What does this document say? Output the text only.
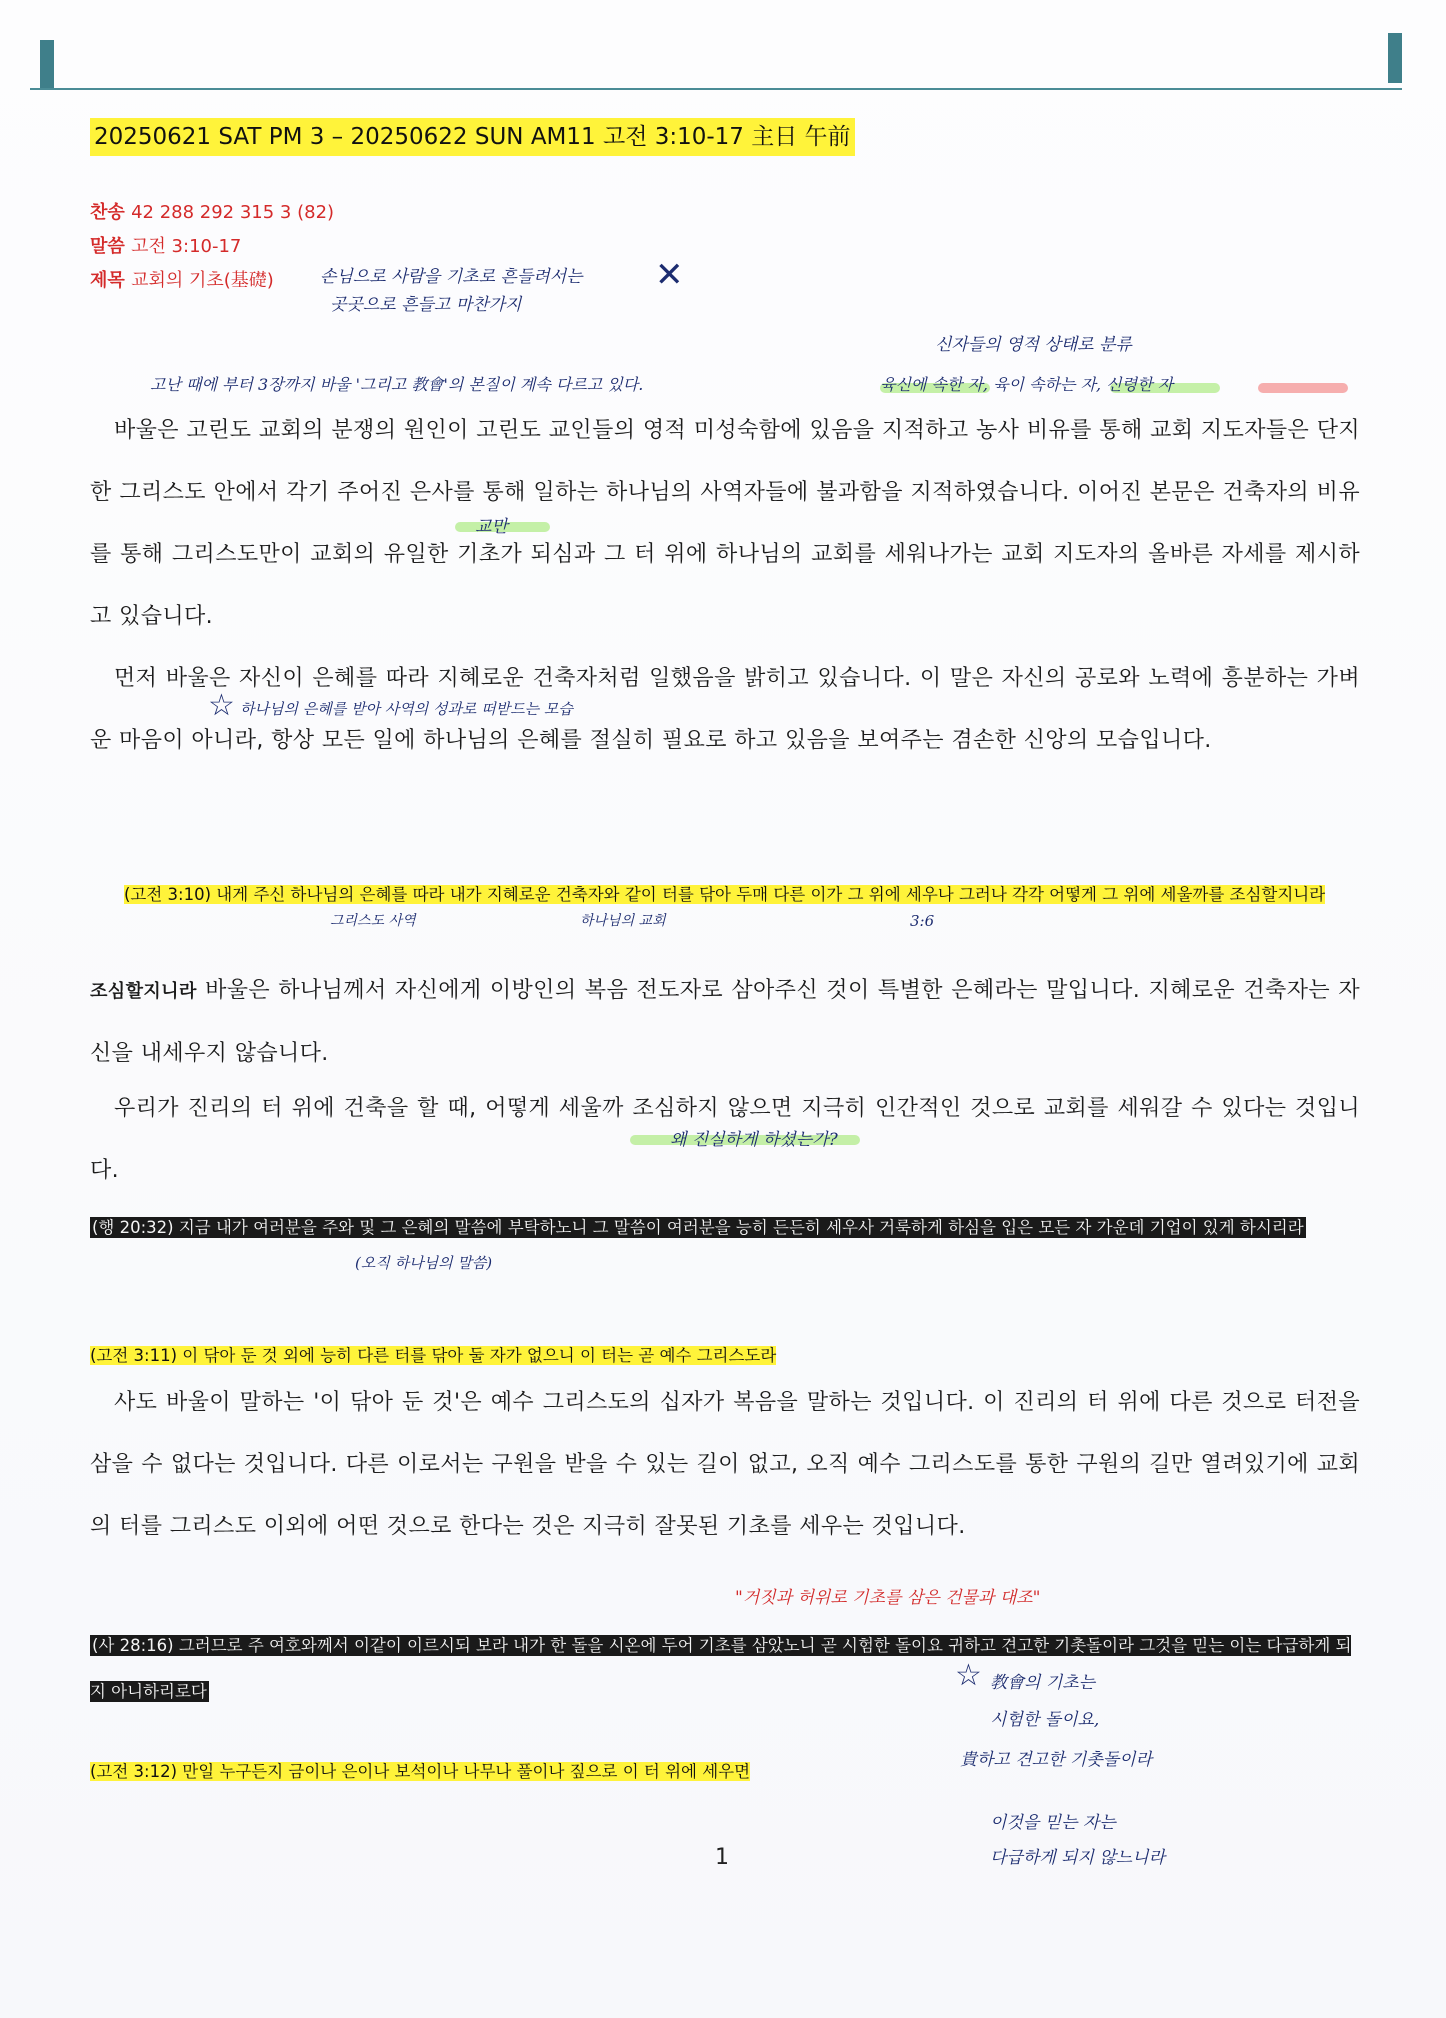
20250621 SAT PM 3 – 20250622 SUN AM11 고전 3:10-17 主日 午前
찬송 42 288 292 315 3 (82)
말씀 고전 3:10-17
제목 교회의 기초(基礎)	손님으로 사람을 기초로 흔들려서는
곳곳으로 흔들고 마찬가지
✕
신자들의 영적 상태로 분류
고난 때에 부터 3장까지 바울 '그리고 教會'의 본질이 계속 다르고 있다.	육신에 속한 자, 육이 속하는 자, 신령한 자
바울은 고린도 교회의 분쟁의 원인이 고린도 교인들의 영적 미성숙함에 있음을 지적하고 농사 비유를 통해 교회 지도자들은 단지 한 그리스도 안에서 각기 주어진 은사를 통해 일하는 하나님의 사역자들에 불과함을 지적하였습니다. 이어진 본문은 건축자의 비유를 통해 그리스도만이 교회의 유일한 기초가 되심과 그 터 위에 하나님의 교회를 세워나가는 교회 지도자의 올바른 자세를 제시하고 있습니다.
교만
먼저 바울은 자신이 은혜를 따라 지혜로운 건축자처럼 일했음을 밝히고 있습니다. 이 말은 자신의 공로와 노력에 흥분하는 가벼운 마음이 아니라, 항상 모든 일에 하나님의 은혜를 절실히 필요로 하고 있음을 보여주는 겸손한 신앙의 모습입니다.
☆ 하나님의 은혜를 받아 사역의 성과로 떠받드는 모습
(고전 3:10) 내게 주신 하나님의 은혜를 따라 내가 지혜로운 건축자와 같이 터를 닦아 두매 다른 이가 그 위에 세우나 그러나 각각 어떻게 그 위에 세울까를 조심할지니라
그리스도 사역	하나님의 교회	3:6
조심할지니라 바울은 하나님께서 자신에게 이방인의 복음 전도자로 삼아주신 것이 특별한 은혜라는 말입니다. 지혜로운 건축자는 자신을 내세우지 않습니다.
우리가 진리의 터 위에 건축을 할 때, 어떻게 세울까 조심하지 않으면 지극히 인간적인 것으로 교회를 세워갈 수 있다는 것입니다.
왜 진실하게 하셨는가?
(행 20:32) 지금 내가 여러분을 주와 및 그 은혜의 말씀에 부탁하노니 그 말씀이 여러분을 능히 든든히 세우사 거룩하게 하심을 입은 모든 자 가운데 기업이 있게 하시리라
(오직 하나님의 말씀)
(고전 3:11) 이 닦아 둔 것 외에 능히 다른 터를 닦아 둘 자가 없으니 이 터는 곧 예수 그리스도라
사도 바울이 말하는 '이 닦아 둔 것'은 예수 그리스도의 십자가 복음을 말하는 것입니다. 이 진리의 터 위에 다른 것으로 터전을 삼을 수 없다는 것입니다. 다른 이로서는 구원을 받을 수 있는 길이 없고, 오직 예수 그리스도를 통한 구원의 길만 열려있기에 교회의 터를 그리스도 이외에 어떤 것으로 한다는 것은 지극히 잘못된 기초를 세우는 것입니다.
"거짓과 허위로 기초를 삼은 건물과 대조"
(사 28:16) 그러므로 주 여호와께서 이같이 이르시되 보라 내가 한 돌을 시온에 두어 기초를 삼았노니 곧 시험한 돌이요 귀하고 견고한 기촛돌이라 그것을 믿는 이는 다급하게 되지 아니하리로다	☆ 教會의 기초는
시험한 돌이요,
貴하고 견고한 기촛돌이라
이것을 믿는 자는
다급하게 되지 않느니라
(고전 3:12) 만일 누구든지 금이나 은이나 보석이나 나무나 풀이나 짚으로 이 터 위에 세우면
1
